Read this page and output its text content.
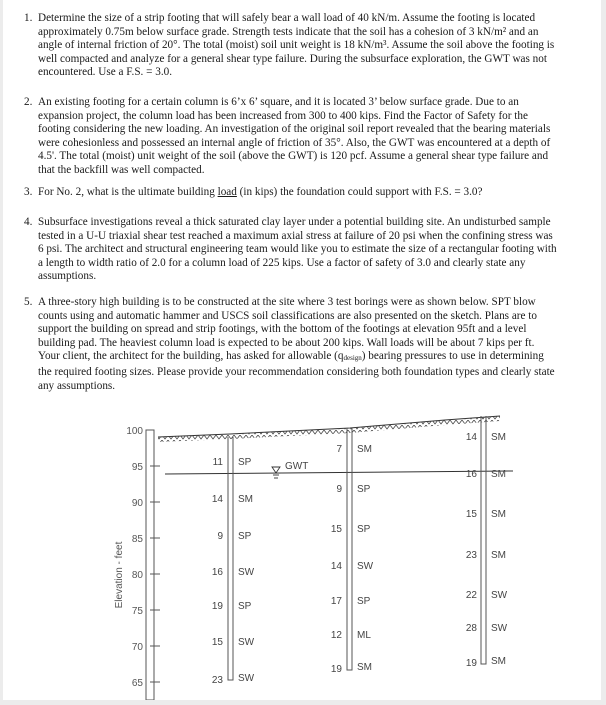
1. Determine the size of a strip footing that will safely bear a wall load of 40 kN/m. Assume the footing is located approximately 0.75m below surface grade. Strength tests indicate that the soil has a cohesion of 3 kN/m² and an angle of internal friction of 20°. The total (moist) soil unit weight is 18 kN/m³. Assume the soil above the footing is well compacted and analyze for a general shear type failure. During the subsurface exploration, the GWT was not encountered. Use a F.S. = 3.0.

2. An existing footing for a certain column is 6’x 6’ square, and it is located 3’ below surface grade. Due to an expansion project, the column load has been increased from 300 to 400 kips. Find the Factor of Safety for the footing considering the new loading. An investigation of the original soil report revealed that the bearing materials were cohesionless and possessed an internal angle of friction of 35°. Also, the GWT was encountered at a depth of 4.5'. The total (moist) unit weight of the soil (above the GWT) is 120 pcf. Assume a general shear type failure and that the backfill was well compacted.

3. For No. 2, what is the ultimate building load (in kips) the foundation could support with F.S. = 3.0?

4. Subsurface investigations reveal a thick saturated clay layer under a potential building site. An undisturbed sample tested in a U-U triaxial shear test reached a maximum axial stress at failure of 20 psi when the confining stress was 6 psi. The architect and structural engineering team would like you to estimate the size of a rectangular footing with a length to width ratio of 2.0 for a column load of 225 kips. Use a factor of safety of 3.0 and clearly state any assumptions.

5. A three-story high building is to be constructed at the site where 3 test borings were as shown below. SPT blow counts using and automatic hammer and USCS soil classifications are also presented on the sketch. Plans are to support the building on spread and strip footings, with the bottom of the footings at elevation 95ft and a level building pad. The heaviest column load is expected to be about 200 kips. Wall loads will be about 7 kips per ft. Your client, the architect for the building, has asked for allowable $(q_{design})$ bearing pressures to use in determining the required footing sizes. Please provide your recommendation considering both foundation types and clearly state any assumptions.

100
95
90
85
80
75
70
65
Elevation - feet
GWT
11 SP
14 SM
9 SP
16 SW
19 SP
15 SW
23 SW
7 SM
9 SP
15 SP
14 SW
17 SP
12 ML
19 SM
14 SM
16 SM
15 SM
23 SM
22 SW
28 SW
19 SM
